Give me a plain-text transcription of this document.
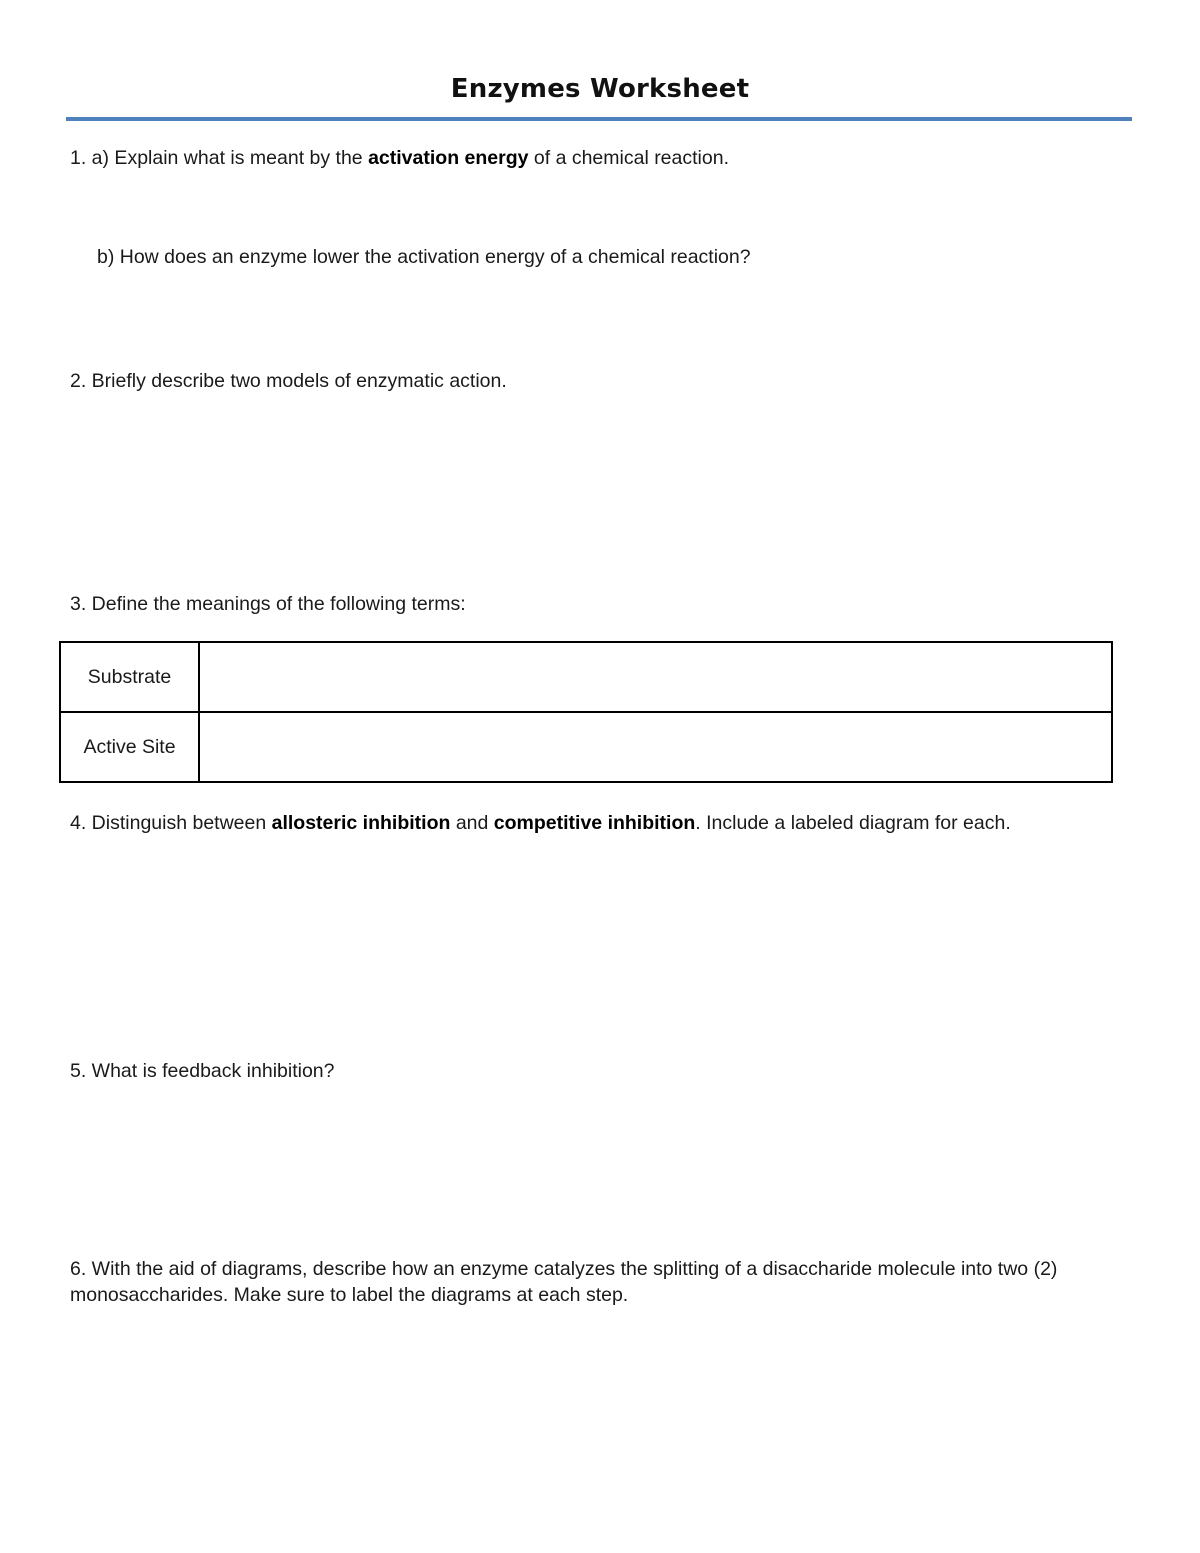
Enzymes Worksheet
1. a) Explain what is meant by the activation energy of a chemical reaction.
b) How does an enzyme lower the activation energy of a chemical reaction?
2. Briefly describe two models of enzymatic action.
3. Define the meanings of the following terms:
Substrate	
Active Site	
4. Distinguish between allosteric inhibition and competitive inhibition. Include a labeled diagram for each.
5. What is feedback inhibition?
6. With the aid of diagrams, describe how an enzyme catalyzes the splitting of a disaccharide molecule into two (2) monosaccharides. Make sure to label the diagrams at each step.
